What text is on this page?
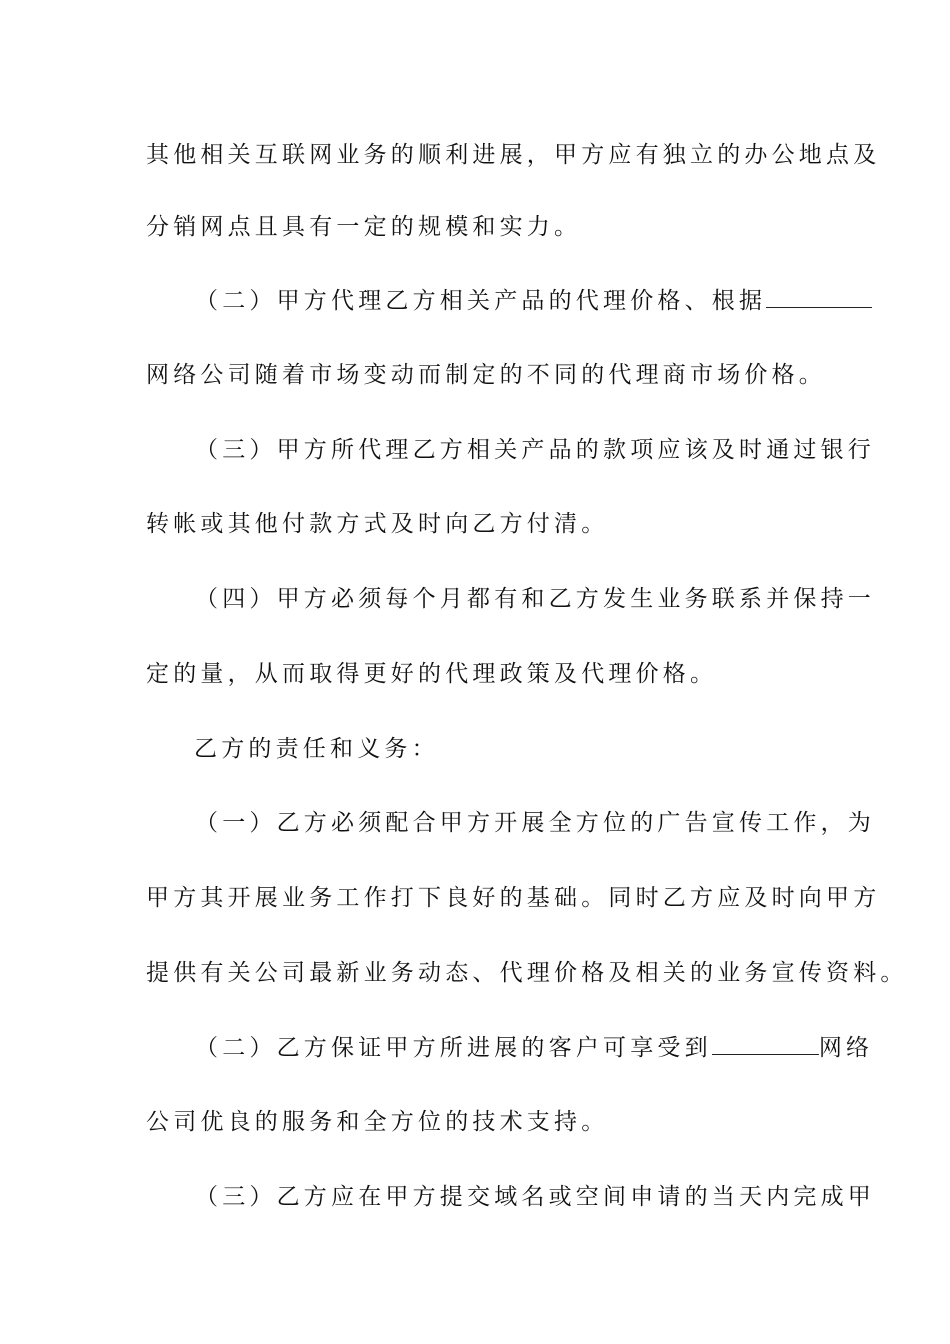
其他相关互联网业务的顺利进展，甲方应有独立的办公地点及
分销网点且具有一定的规模和实力。
（二）甲方代理乙方相关产品的代理价格、根据
网络公司随着市场变动而制定的不同的代理商市场价格。
（三）甲方所代理乙方相关产品的款项应该及时通过银行
转帐或其他付款方式及时向乙方付清。
（四）甲方必须每个月都有和乙方发生业务联系并保持一
定的量，从而取得更好的代理政策及代理价格。
乙方的责任和义务：
（一）乙方必须配合甲方开展全方位的广告宣传工作，为
甲方其开展业务工作打下良好的基础。同时乙方应及时向甲方
提供有关公司最新业务动态、代理价格及相关的业务宣传资料。
（二）乙方保证甲方所进展的客户可享受到	网络
公司优良的服务和全方位的技术支持。
（三）乙方应在甲方提交域名或空间申请的当天内完成甲
